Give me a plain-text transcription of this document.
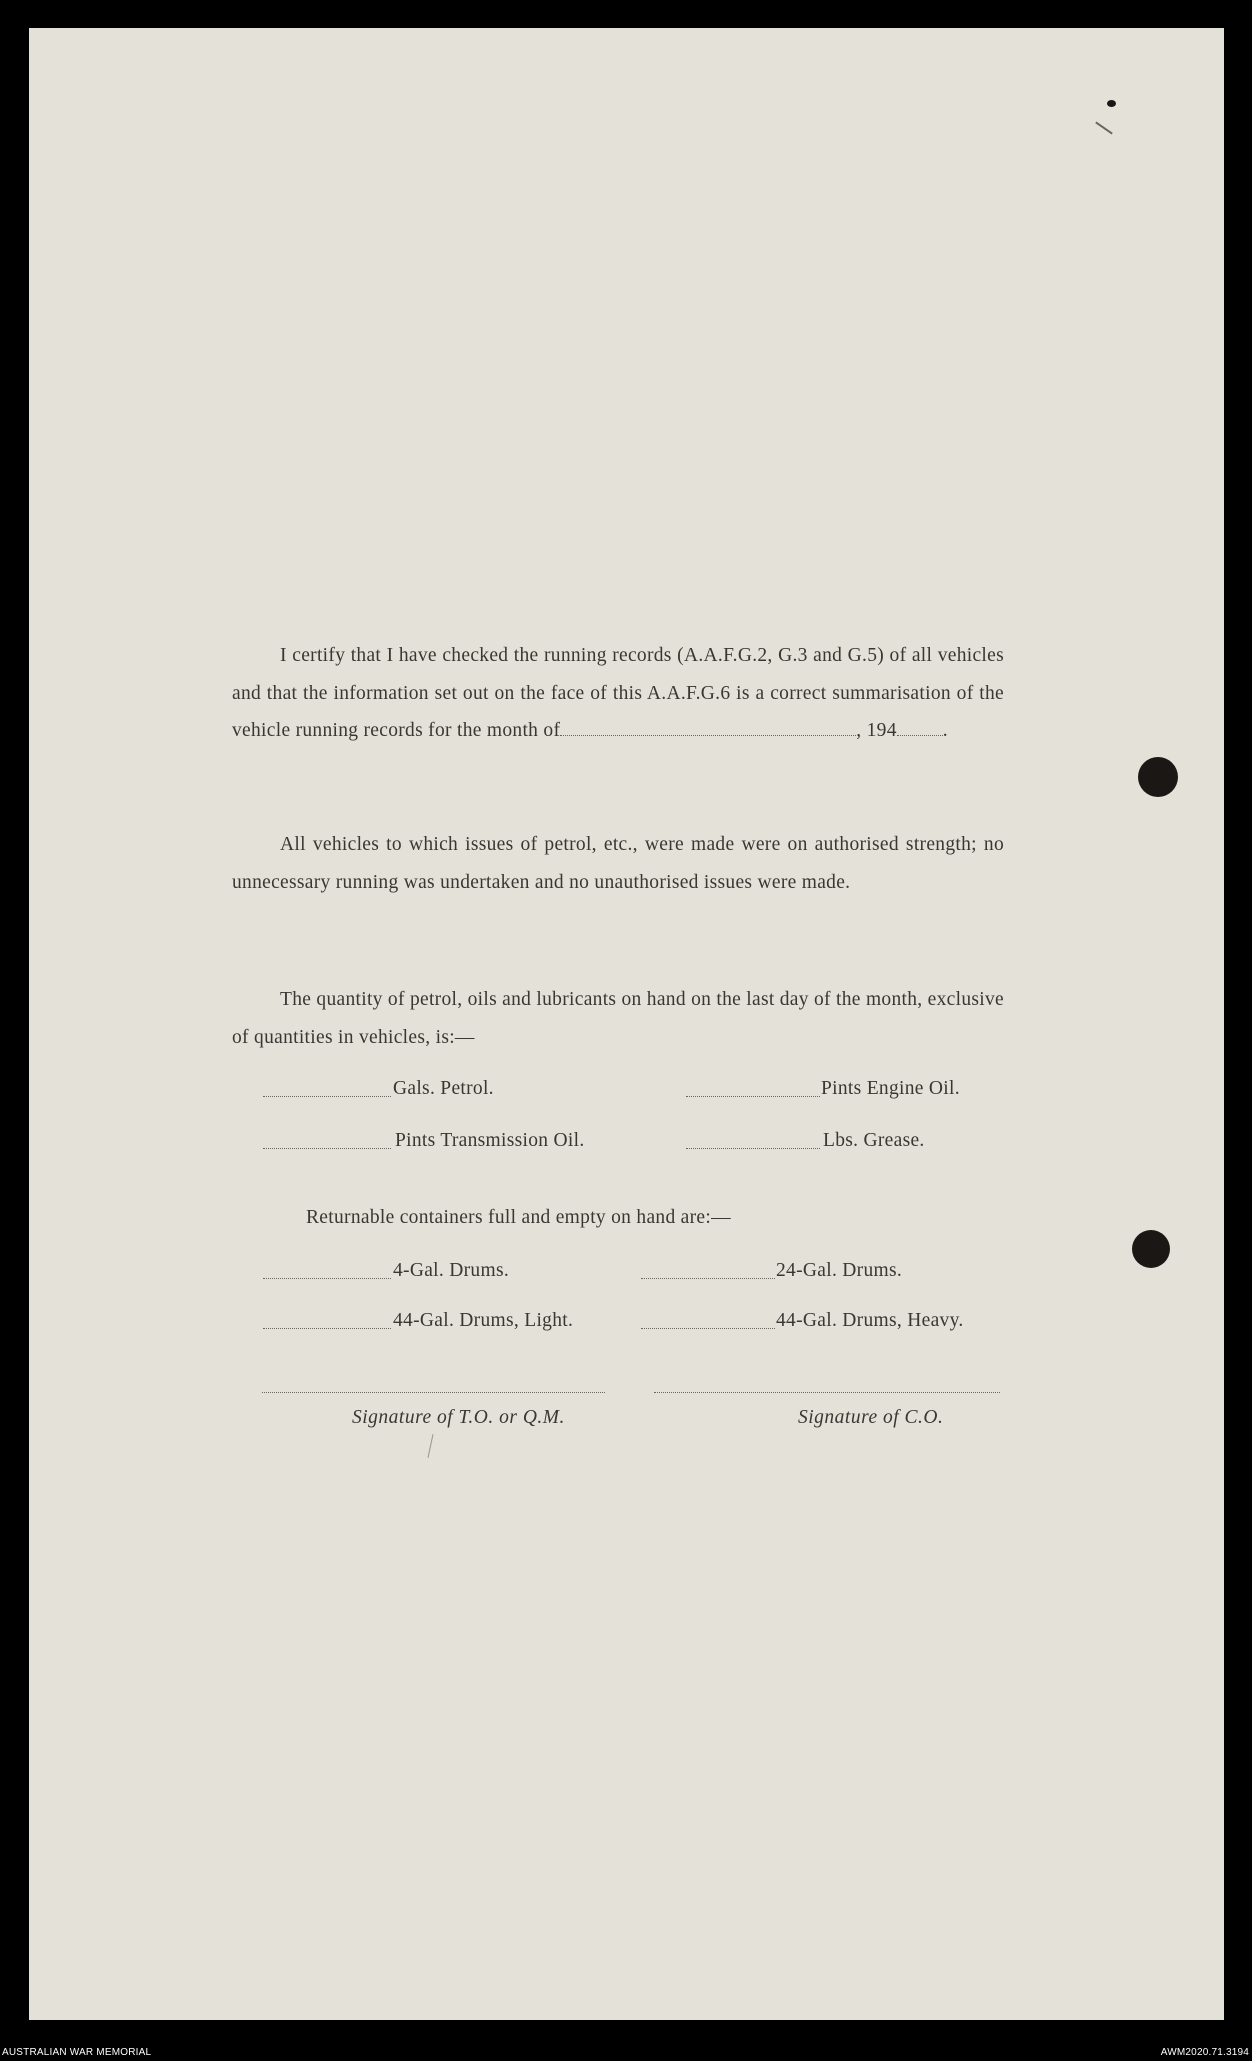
I certify that I have checked the running records (A.A.F.G.2, G.3 and G.5) of all vehicles and that the information set out on the face of this A.A.F.G.6 is a correct summarisation of the vehicle running records for the month of	, 194 .
All vehicles to which issues of petrol, etc., were made were on authorised strength; no unnecessary running was undertaken and no unauthorised issues were made.
The quantity of petrol, oils and lubricants on hand on the last day of the month, exclusive of quantities in vehicles, is:—
Gals. Petrol.	Pints Engine Oil.
Pints Transmission Oil.	Lbs. Grease.
Returnable containers full and empty on hand are:—
4-Gal. Drums.	24-Gal. Drums.
44-Gal. Drums, Light.	44-Gal. Drums, Heavy.
Signature of T.O. or Q.M.	Signature of C.O.
AUSTRALIAN WAR MEMORIAL	AWM2020.71.3194
